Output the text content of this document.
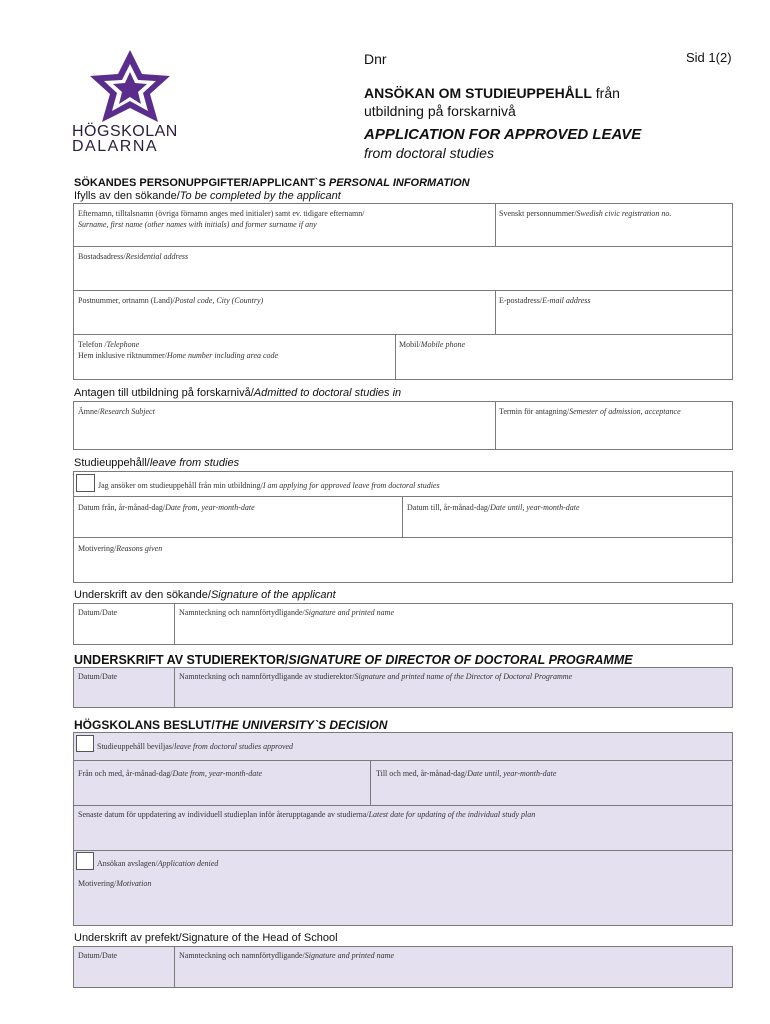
HÖGSKOLAN
DALARNA
Dnr	Sid 1(2)
ANSÖKAN OM STUDIEUPPEHÅLL från
utbildning på forskarnivå
APPLICATION FOR APPROVED LEAVE
from doctoral studies
SÖKANDES PERSONUPPGIFTER/APPLICANT`S PERSONAL INFORMATION
Ifylls av den sökande/To be completed by the applicant
Efternamn, tilltalsnamn (övriga förnamn anges med initialer) samt ev. tidigare efternamn/
Surname, first name (other names with initials) and former surname if any
Svenskt personnummer/Swedish civic registration no.
Bostadsadress/Residential address
Postnummer, ortnamn (Land)/Postal code, City (Country)	E-postadress/E-mail address
Telefon /Telephone
Hem inklusive riktnummer/Home number including area code
Mobil/Mobile phone
Antagen till utbildning på forskarnivå/Admitted to doctoral studies in
Ämne/Research Subject	Termin för antagning/Semester of admission, acceptance
Studieuppehåll/leave from studies
Jag ansöker om studieuppehåll från min utbildning/I am applying for approved leave from doctoral studies
Datum från, år-månad-dag/Date from, year-month-date	Datum till, år-månad-dag/Date until, year-month-date
Motivering/Reasons given
Underskrift av den sökande/Signature of the applicant
Datum/Date	Namnteckning och namnförtydligande/Signature and printed name
UNDERSKRIFT AV STUDIEREKTOR/SIGNATURE OF DIRECTOR OF DOCTORAL PROGRAMME
Datum/Date	Namnteckning och namnförtydligande av studierektor/Signature and printed name of the Director of Doctoral Programme
HÖGSKOLANS BESLUT/THE UNIVERSITY`S DECISION
Studieuppehåll beviljas/leave from doctoral studies approved
Från och med, år-månad-dag/Date from, year-month-date	Till och med, år-månad-dag/Date until, year-month-date
Senaste datum för uppdatering av individuell studieplan inför återupptagande av studierna/Latest date for updating of the individual study plan
Ansökan avslagen/Application denied
Motivering/Motivation
Underskrift av prefekt/Signature of the Head of School
Datum/Date	Namnteckning och namnförtydligande/Signature and printed name
